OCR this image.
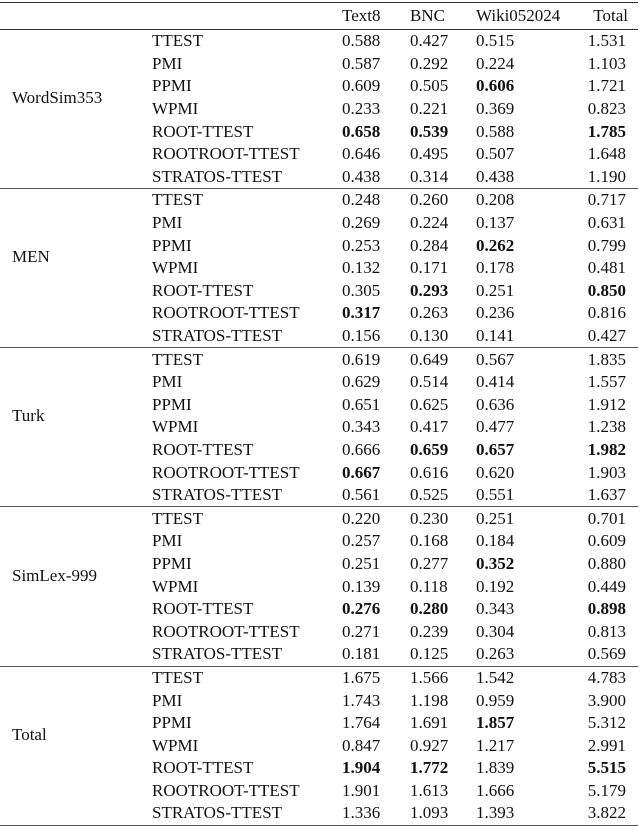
		Text8	BNC	Wiki052024	Total
WordSim353	TTEST	0.588	0.427	0.515	1.531
	PMI	0.587	0.292	0.224	1.103
	PPMI	0.609	0.505	0.606	1.721
	WPMI	0.233	0.221	0.369	0.823
	ROOT-TTEST	0.658	0.539	0.588	1.785
	ROOTROOT-TTEST	0.646	0.495	0.507	1.648
	STRATOS-TTEST	0.438	0.314	0.438	1.190
MEN	TTEST	0.248	0.260	0.208	0.717
	PMI	0.269	0.224	0.137	0.631
	PPMI	0.253	0.284	0.262	0.799
	WPMI	0.132	0.171	0.178	0.481
	ROOT-TTEST	0.305	0.293	0.251	0.850
	ROOTROOT-TTEST	0.317	0.263	0.236	0.816
	STRATOS-TTEST	0.156	0.130	0.141	0.427
Turk	TTEST	0.619	0.649	0.567	1.835
	PMI	0.629	0.514	0.414	1.557
	PPMI	0.651	0.625	0.636	1.912
	WPMI	0.343	0.417	0.477	1.238
	ROOT-TTEST	0.666	0.659	0.657	1.982
	ROOTROOT-TTEST	0.667	0.616	0.620	1.903
	STRATOS-TTEST	0.561	0.525	0.551	1.637
SimLex-999	TTEST	0.220	0.230	0.251	0.701
	PMI	0.257	0.168	0.184	0.609
	PPMI	0.251	0.277	0.352	0.880
	WPMI	0.139	0.118	0.192	0.449
	ROOT-TTEST	0.276	0.280	0.343	0.898
	ROOTROOT-TTEST	0.271	0.239	0.304	0.813
	STRATOS-TTEST	0.181	0.125	0.263	0.569
Total	TTEST	1.675	1.566	1.542	4.783
	PMI	1.743	1.198	0.959	3.900
	PPMI	1.764	1.691	1.857	5.312
	WPMI	0.847	0.927	1.217	2.991
	ROOT-TTEST	1.904	1.772	1.839	5.515
	ROOTROOT-TTEST	1.901	1.613	1.666	5.179
	STRATOS-TTEST	1.336	1.093	1.393	3.822
